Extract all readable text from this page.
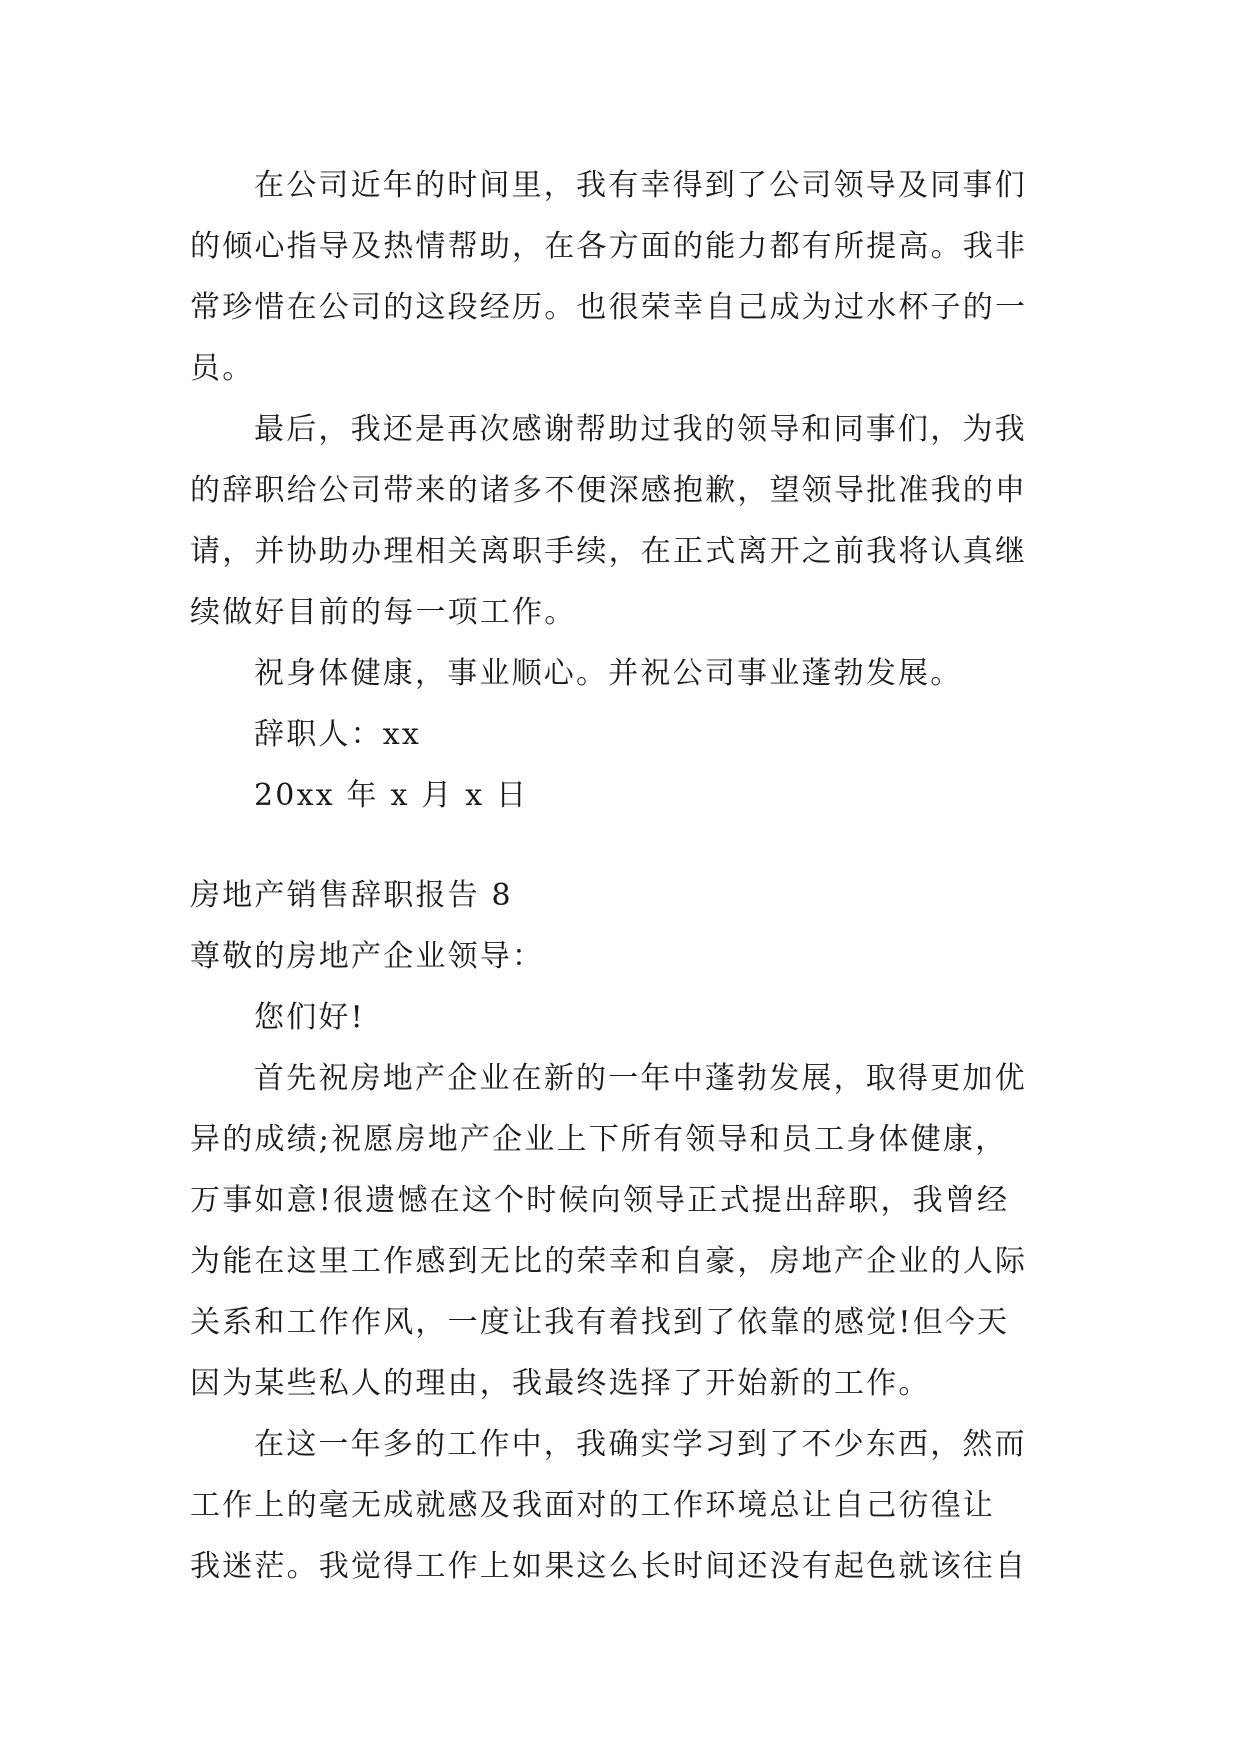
在公司近年的时间里，我有幸得到了公司领导及同事们
的倾心指导及热情帮助，在各方面的能力都有所提高。我非
常珍惜在公司的这段经历。也很荣幸自己成为过水杯子的一
员。
最后，我还是再次感谢帮助过我的领导和同事们，为我
的辞职给公司带来的诸多不便深感抱歉，望领导批准我的申
请，并协助办理相关离职手续，在正式离开之前我将认真继
续做好目前的每一项工作。
祝身体健康，事业顺心。并祝公司事业蓬勃发展。
辞职人：xx
20xx 年 x 月 x 日
房地产销售辞职报告 8
尊敬的房地产企业领导：
您们好!
首先祝房地产企业在新的一年中蓬勃发展，取得更加优
异的成绩;祝愿房地产企业上下所有领导和员工身体健康，
万事如意!很遗憾在这个时候向领导正式提出辞职，我曾经
为能在这里工作感到无比的荣幸和自豪，房地产企业的人际
关系和工作作风，一度让我有着找到了依靠的感觉!但今天
因为某些私人的理由，我最终选择了开始新的工作。
在这一年多的工作中，我确实学习到了不少东西，然而
工作上的毫无成就感及我面对的工作环境总让自己彷徨让
我迷茫。我觉得工作上如果这么长时间还没有起色就该往自
